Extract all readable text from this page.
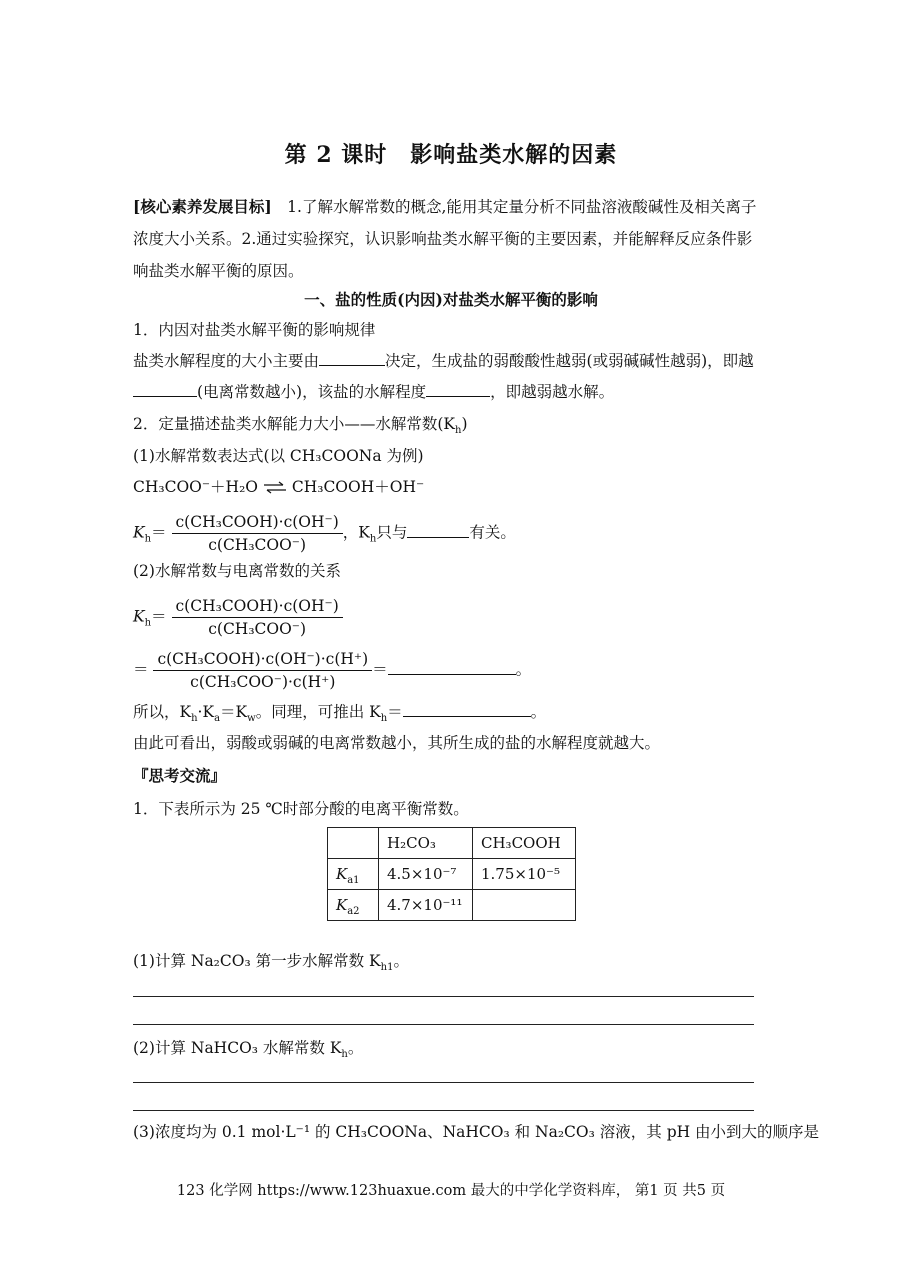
第 2 课时　影响盐类水解的因素
[核心素养发展目标]　1.了解水解常数的概念,能用其定量分析不同盐溶液酸碱性及相关离子
浓度大小关系。2.通过实验探究，认识影响盐类水解平衡的主要因素，并能解释反应条件影
响盐类水解平衡的原因。
一、盐的性质(内因)对盐类水解平衡的影响
1．内因对盐类水解平衡的影响规律
盐类水解程度的大小主要由	决定，生成盐的弱酸酸性越弱(或弱碱碱性越弱)，即越
(电离常数越小)，该盐的水解程度	，即越弱越水解。
2．定量描述盐类水解能力大小——水解常数$(K_h)$
(1)水解常数表达式(以 CH₃COONa 为例)
CH₃COO⁻＋H₂O ⇌ CH₃COOH＋OH⁻
$K_h= \frac{\text{c(CH₃COOH)·c(OH⁻)}}{\text{c(CH₃COO⁻)}}$ ，$K_h$只与	有关。
(2)水解常数与电离常数的关系
$K_h= \frac{\text{c(CH₃COOH)·c(OH⁻)}}{\text{c(CH₃COO⁻)}}$
＝ $\frac{\text{c(CH₃COOH)·c(OH⁻)·c(H⁺)}}{\text{c(CH₃COO⁻)·c(H⁺)}}$ ＝	。
所以，$K_h\cdot K_a=K_w$。同理，可推出 $K_h=$	。
由此可看出，弱酸或弱碱的电离常数越小，其所生成的盐的水解程度就越大。
『思考交流』
1．下表所示为 25 ℃时部分酸的电离平衡常数。
	H₂CO₃	CH₃COOH
$K_{a1}$	4.5×10⁻⁷	1.75×10⁻⁵
$K_{a2}$	4.7×10⁻¹¹	
(1)计算 Na₂CO₃ 第一步水解常数 $K_{h1}$。
(2)计算 NaHCO₃ 水解常数 $K_h$。
(3)浓度均为 0.1 mol·L⁻¹ 的 CH₃COONa、NaHCO₃ 和 Na₂CO₃ 溶液，其 pH 由小到大的顺序是
123 化学网 https://www.123huaxue.com 最大的中学化学资料库， 第1 页 共5 页
